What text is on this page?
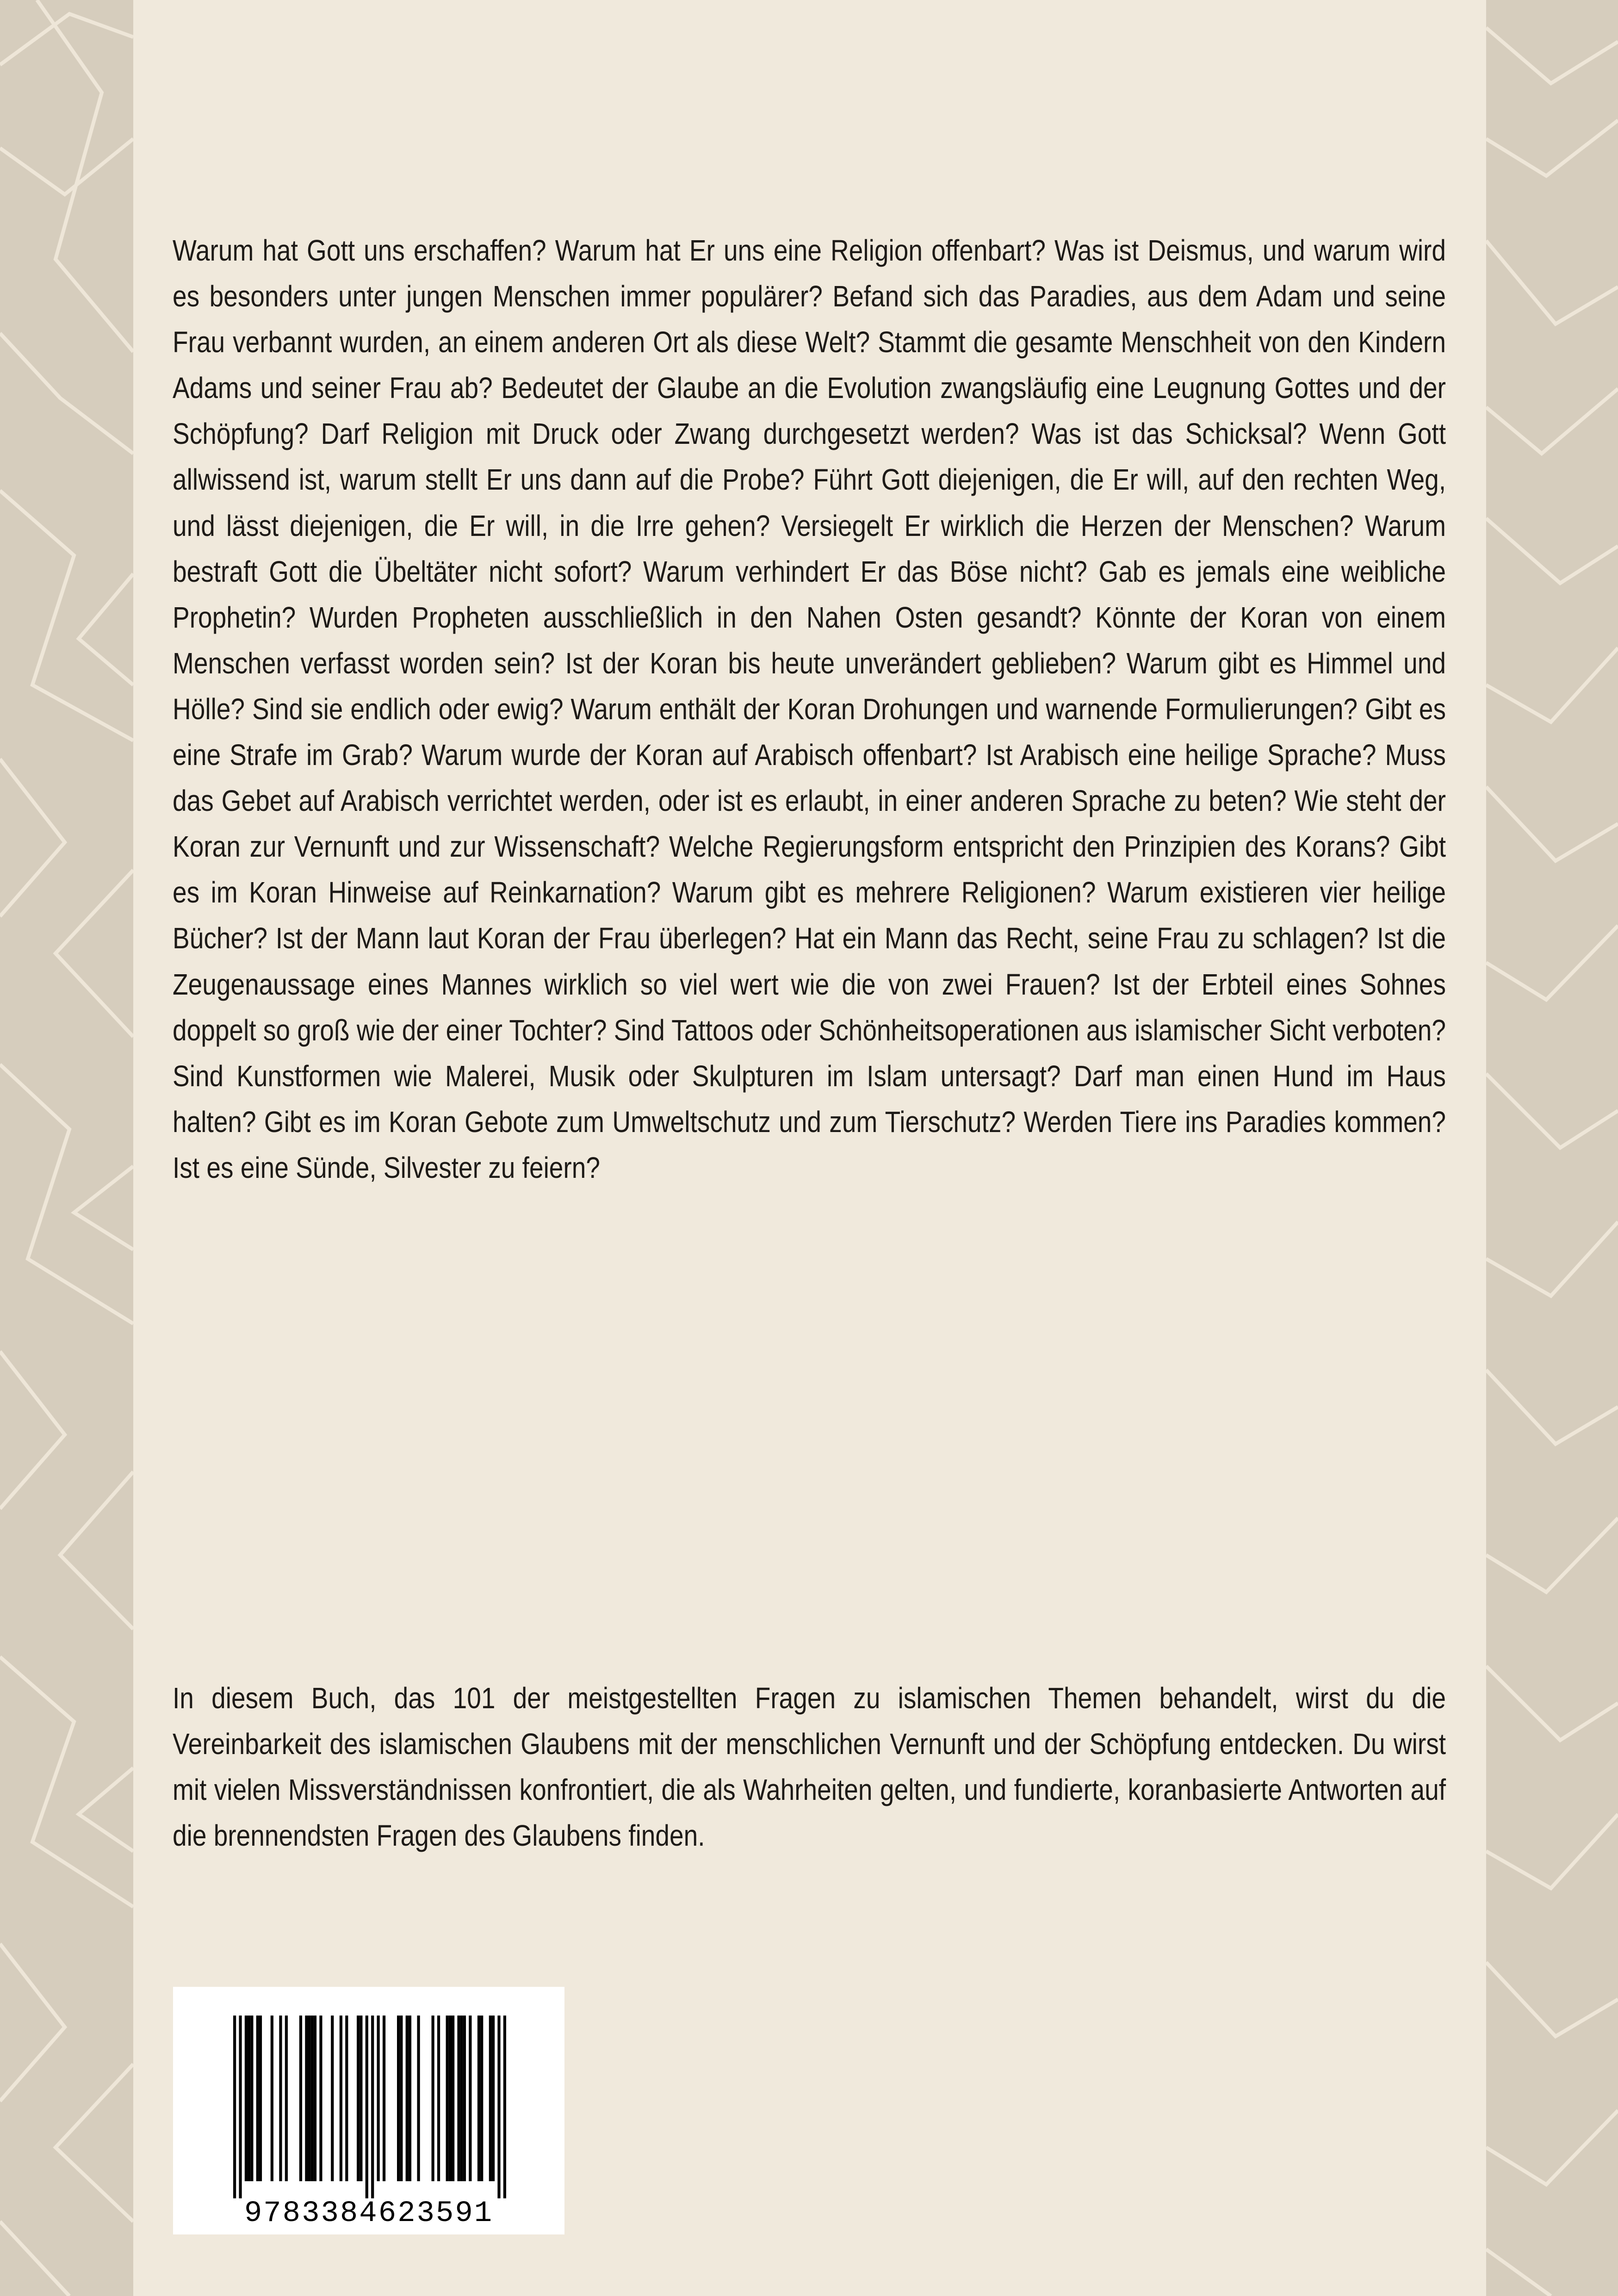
Warum hat Gott uns erschaffen? Warum hat Er uns eine Religion offenbart? Was ist Deismus, und warum wird es besonders unter jungen Menschen immer populärer? Befand sich das Paradies, aus dem Adam und seine Frau verbannt wurden, an einem anderen Ort als diese Welt? Stammt die gesamte Menschheit von den Kindern Adams und seiner Frau ab? Bedeutet der Glaube an die Evolution zwangsläufig eine Leugnung Gottes und der Schöpfung? Darf Religion mit Druck oder Zwang durchgesetzt werden? Was ist das Schicksal? Wenn Gott allwissend ist, warum stellt Er uns dann auf die Probe? Führt Gott diejenigen, die Er will, auf den rechten Weg, und lässt diejenigen, die Er will, in die Irre gehen? Versiegelt Er wirklich die Herzen der Menschen? Warum bestraft Gott die Übeltäter nicht sofort? Warum verhindert Er das Böse nicht? Gab es jemals eine weibliche Prophetin? Wurden Propheten ausschließlich in den Nahen Osten gesandt? Könnte der Koran von einem Menschen verfasst worden sein? Ist der Koran bis heute unverändert geblieben? Warum gibt es Himmel und Hölle? Sind sie endlich oder ewig? Warum enthält der Koran Drohungen und warnende Formulierungen? Gibt es eine Strafe im Grab? Warum wurde der Koran auf Arabisch offenbart? Ist Arabisch eine heilige Sprache? Muss das Gebet auf Arabisch verrichtet werden, oder ist es erlaubt, in einer anderen Sprache zu beten? Wie steht der Koran zur Vernunft und zur Wissenschaft? Welche Regierungsform entspricht den Prinzipien des Korans? Gibt es im Koran Hinweise auf Reinkarnation? Warum gibt es mehrere Religionen? Warum existieren vier heilige Bücher? Ist der Mann laut Koran der Frau überlegen? Hat ein Mann das Recht, seine Frau zu schlagen? Ist die Zeugenaussage eines Mannes wirklich so viel wert wie die von zwei Frauen? Ist der Erbteil eines Sohnes doppelt so groß wie der einer Tochter? Sind Tattoos oder Schönheitsoperationen aus islamischer Sicht verboten? Sind Kunstformen wie Malerei, Musik oder Skulpturen im Islam untersagt? Darf man einen Hund im Haus halten? Gibt es im Koran Gebote zum Umweltschutz und zum Tierschutz? Werden Tiere ins Paradies kommen? Ist es eine Sünde, Silvester zu feiern?

In diesem Buch, das 101 der meistgestellten Fragen zu islamischen Themen behandelt, wirst du die Vereinbarkeit des islamischen Glaubens mit der menschlichen Vernunft und der Schöpfung entdecken. Du wirst mit vielen Missverständnissen konfrontiert, die als Wahrheiten gelten, und fundierte, koranbasierte Antworten auf die brennendsten Fragen des Glaubens finden.

9783384623591
